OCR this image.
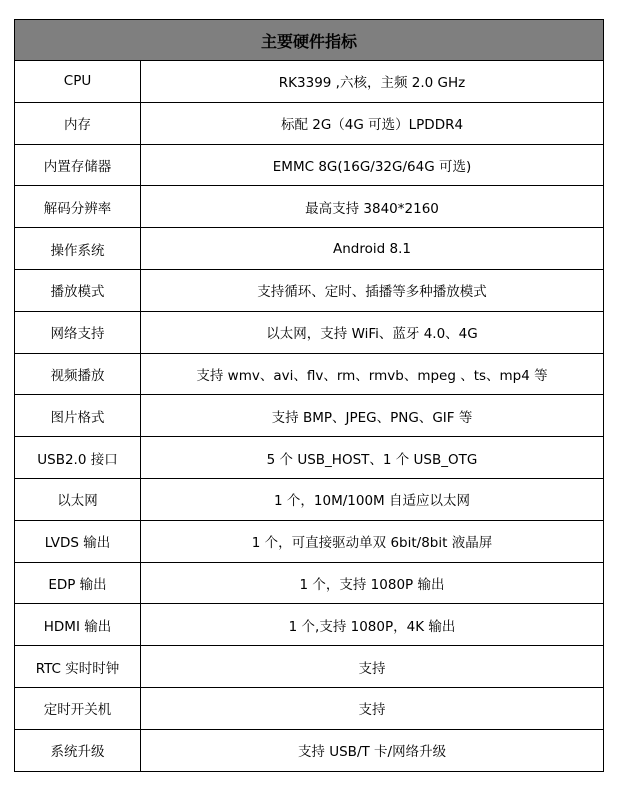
主要硬件指标	
CPU	RK3399 ,六核，主频 2.0 GHz
内存	标配 2G（4G 可选）LPDDR4
内置存储器	EMMC 8G(16G/32G/64G 可选)
解码分辨率	最高支持 3840*2160
操作系统	Android 8.1
播放模式	支持循环、定时、插播等多种播放模式
网络支持	以太网，支持 WiFi、蓝牙 4.0、4G
视频播放	支持 wmv、avi、flv、rm、rmvb、mpeg 、ts、mp4 等
图片格式	支持 BMP、JPEG、PNG、GIF 等
USB2.0 接口	5 个 USB_HOST、1 个 USB_OTG
以太网	1 个，10M/100M 自适应以太网
LVDS 输出	1 个，可直接驱动单双 6bit/8bit 液晶屏
EDP 输出	1 个，支持 1080P 输出
HDMI 输出	1 个,支持 1080P，4K 输出
RTC 实时时钟	支持
定时开关机	支持
系统升级	支持 USB/T 卡/网络升级
